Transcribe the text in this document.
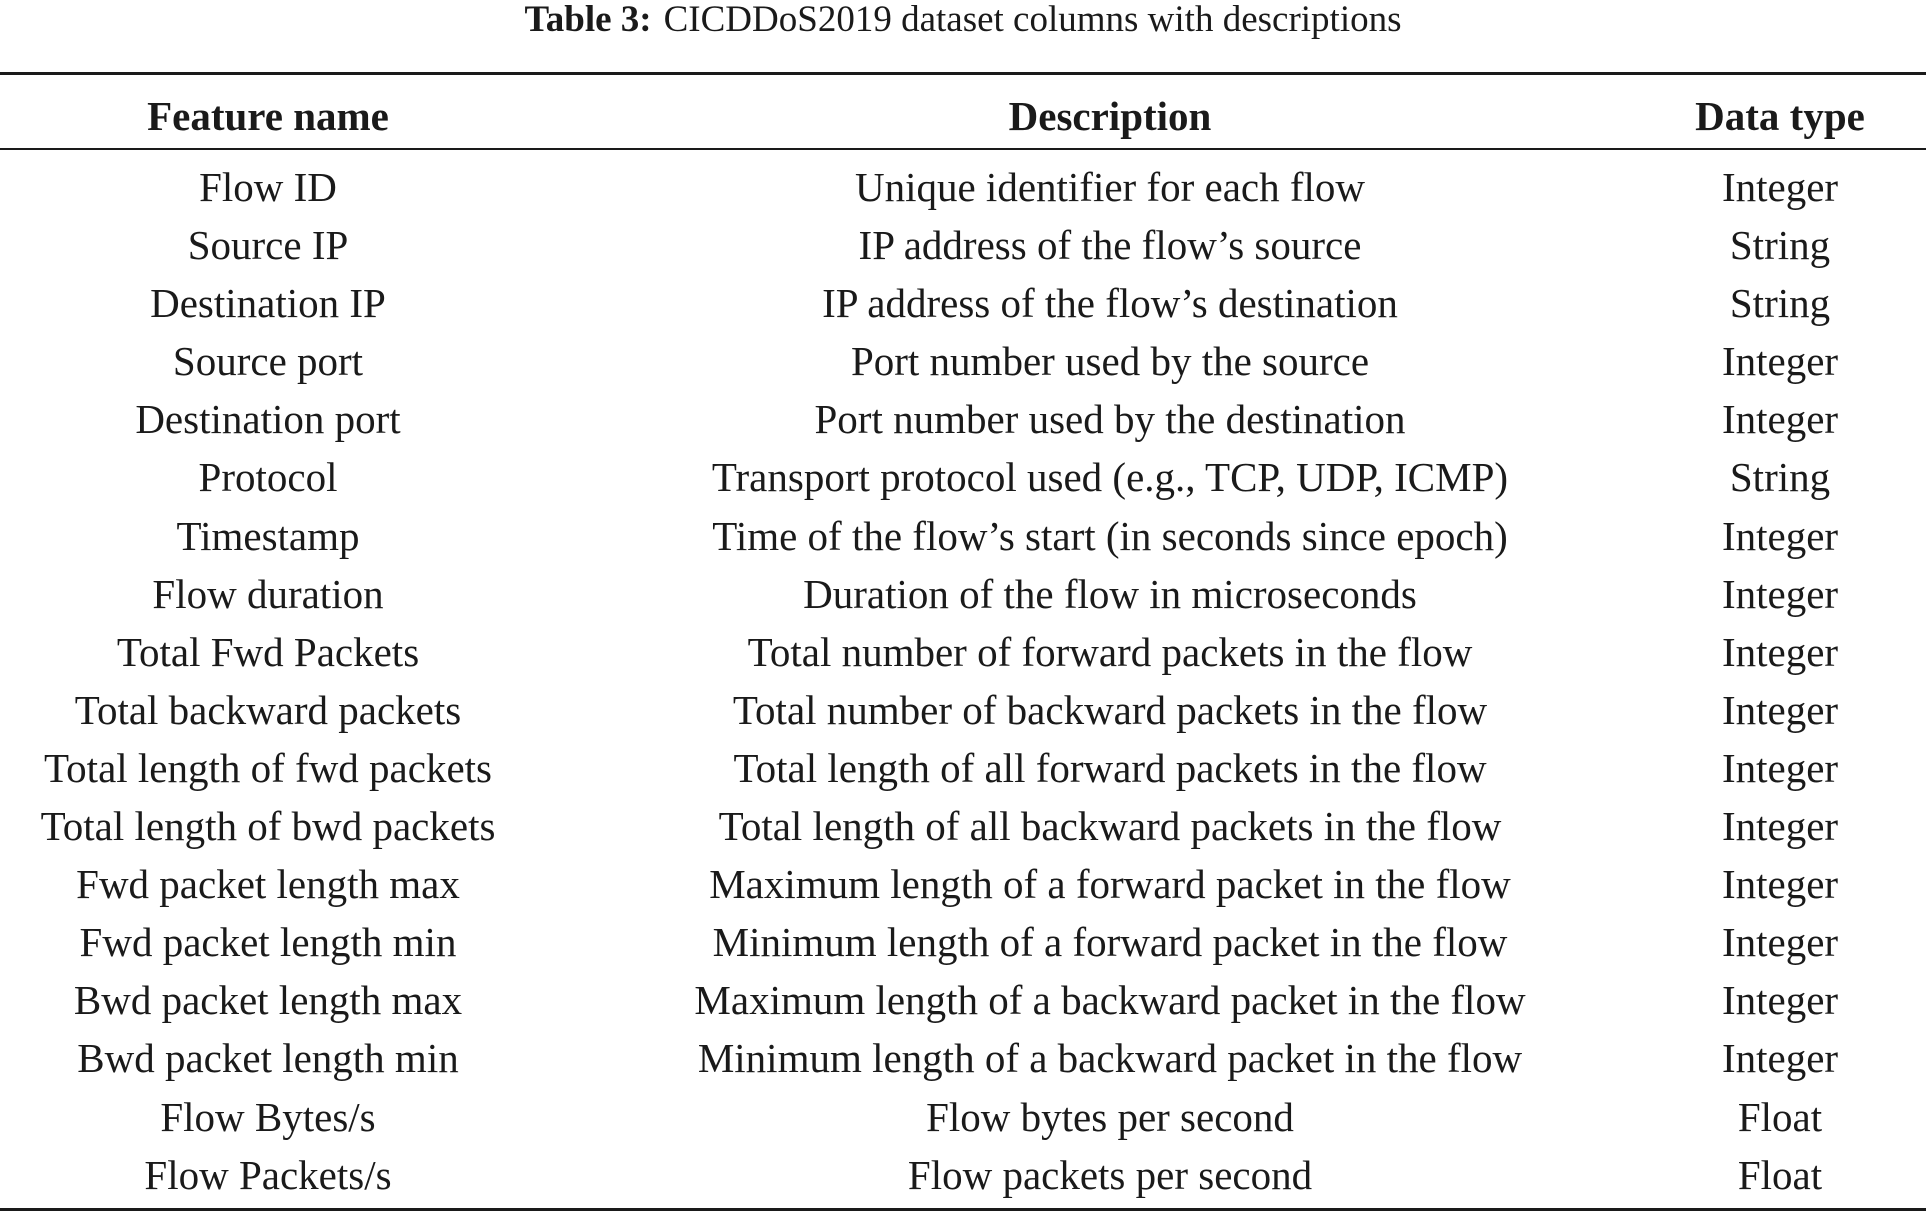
Table 3: CICDDoS2019 dataset columns with descriptions
Feature name	Description	Data type
Flow ID	Unique identifier for each flow	Integer
Source IP	IP address of the flow’s source	String
Destination IP	IP address of the flow’s destination	String
Source port	Port number used by the source	Integer
Destination port	Port number used by the destination	Integer
Protocol	Transport protocol used (e.g., TCP, UDP, ICMP)	String
Timestamp	Time of the flow’s start (in seconds since epoch)	Integer
Flow duration	Duration of the flow in microseconds	Integer
Total Fwd Packets	Total number of forward packets in the flow	Integer
Total backward packets	Total number of backward packets in the flow	Integer
Total length of fwd packets	Total length of all forward packets in the flow	Integer
Total length of bwd packets	Total length of all backward packets in the flow	Integer
Fwd packet length max	Maximum length of a forward packet in the flow	Integer
Fwd packet length min	Minimum length of a forward packet in the flow	Integer
Bwd packet length max	Maximum length of a backward packet in the flow	Integer
Bwd packet length min	Minimum length of a backward packet in the flow	Integer
Flow Bytes/s	Flow bytes per second	Float
Flow Packets/s	Flow packets per second	Float
